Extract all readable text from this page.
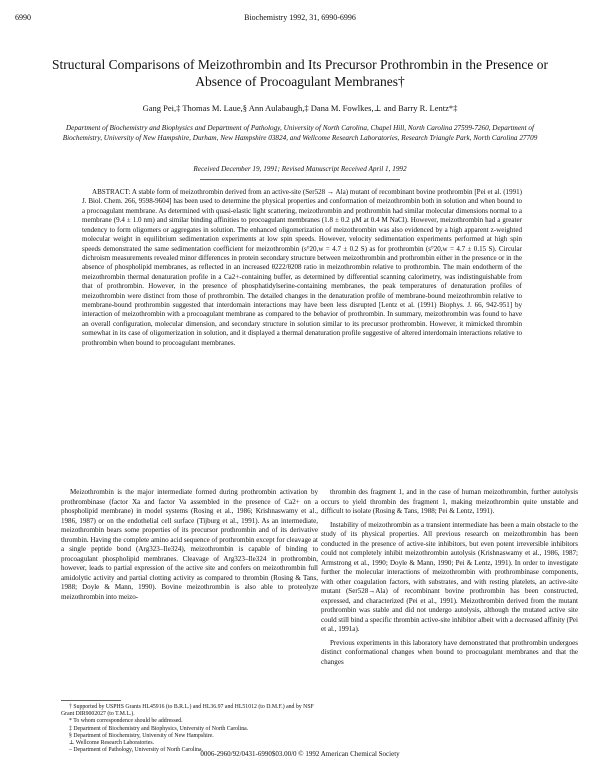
6990	Biochemistry 1992, 31, 6990-6996
Structural Comparisons of Meizothrombin and Its Precursor Prothrombin in the Presence or Absence of Procoagulant Membranes†
Gang Pei,‡ Thomas M. Laue,§ Ann Aulabaugh,‡ Dana M. Fowlkes,⊥ and Barry R. Lentz*‡
Department of Biochemistry and Biophysics and Department of Pathology, University of North Carolina, Chapel Hill, North Carolina 27599-7260, Department of Biochemistry, University of New Hampshire, Durham, New Hampshire 03824, and Wellcome Research Laboratories, Research Triangle Park, North Carolina 27709
Received December 19, 1991; Revised Manuscript Received April 1, 1992
ABSTRACT: A stable form of meizothrombin derived from an active-site (Ser528 → Ala) mutant of recombinant bovine prothrombin [Pei et al. (1991) J. Biol. Chem. 266, 9598-9604] has been used to determine the physical properties and conformation of meizothrombin both in solution and when bound to a procoagulant membrane. As determined with quasi-elastic light scattering, meizothrombin and prothrombin had similar molecular dimensions normal to a membrane (9.4 ± 1.0 nm) and similar binding affinities to procoagulant membranes (1.8 ± 0.2 μM at 0.4 M NaCl). However, meizothrombin had a greater tendency to form oligomers or aggregates in solution. The enhanced oligomerization of meizothrombin was also evidenced by a high apparent z-weighted molecular weight in equilibrium sedimentation experiments at low spin speeds. However, velocity sedimentation experiments performed at high spin speeds demonstrated the same sedimentation coefficient for meizothrombin (s°20,w = 4.7 ± 0.2 S) as for prothrombin (s°20,w = 4.7 ± 0.15 S). Circular dichroism measurements revealed minor differences in protein secondary structure between meizothrombin and prothrombin either in the presence or in the absence of phospholipid membranes, as reflected in an increased θ222/θ208 ratio in meizothrombin relative to prothrombin. The main endotherm of the meizothrombin thermal denaturation profile in a Ca2+-containing buffer, as determined by differential scanning calorimetry, was indistinguishable from that of prothrombin. However, in the presence of phosphatidylserine-containing membranes, the peak temperatures of denaturation profiles of meizothrombin were distinct from those of prothrombin. The detailed changes in the denaturation profile of membrane-bound meizothrombin relative to membrane-bound prothrombin suggested that interdomain interactions may have been less disrupted [Lentz et al. (1991) Biophys. J. 66, 942-951] by interaction of meizothrombin with a procoagulant membrane as compared to the behavior of prothrombin. In summary, meizothrombin was found to have an overall configuration, molecular dimension, and secondary structure in solution similar to its precursor prothrombin. However, it mimicked thrombin somewhat in its case of oligomerization in solution, and it displayed a thermal denaturation profile suggestive of altered interdomain interactions relative to prothrombin when bound to procoagulant membranes.

Meizothrombin is the major intermediate formed during prothrombin activation by prothrombinase (factor Xa and factor Va assembled in the presence of Ca2+ on a phospholipid membrane) in model systems (Rosing et al., 1986; Krishnaswamy et al., 1986, 1987) or on the endothelial cell surface (Tijburg et al., 1991). As an intermediate, meizothrombin bears some properties of its precursor prothrombin and of its derivative thrombin. Having the complete amino acid sequence of prothrombin except for cleavage at a single peptide bond (Arg323–Ile324), meizothrombin is capable of binding to procoagulant phospholipid membranes. Cleavage of Arg323–Ile324 in prothrombin, however, leads to partial expression of the active site and confers on meizothrombin full amidolytic activity and partial clotting activity as compared to thrombin (Rosing & Tans, 1988; Doyle & Mann, 1990). Bovine meizothrombin is also able to proteolyze meizothrombin into meizo-

thrombin des fragment 1, and in the case of human meizothrombin, further autolysis occurs to yield thrombin des fragment 1, making meizothrombin quite unstable and difficult to isolate (Rosing & Tans, 1988; Pei & Lentz, 1991).

Instability of meizothrombin as a transient intermediate has been a main obstacle to the study of its physical properties. All previous research on meizothrombin has been conducted in the presence of active-site inhibitors, but even potent irreversible inhibitors could not completely inhibit meizothrombin autolysis (Krishnaswamy et al., 1986, 1987; Armstrong et al., 1990; Doyle & Mann, 1990; Pei & Lentz, 1991). In order to investigate further the molecular interactions of meizothrombin with prothrombinase components, with other coagulation factors, with substrates, and with resting platelets, an active-site mutant (Ser528→Ala) of recombinant bovine prothrombin has been constructed, expressed, and characterized (Pei et al., 1991). Meizothrombin derived from the mutant prothrombin was stable and did not undergo autolysis, although the mutated active site could still bind a specific thrombin active-site inhibitor albeit with a decreased affinity (Pei et al., 1991a).

Previous experiments in this laboratory have demonstrated that prothrombin undergoes distinct conformational changes when bound to procoagulant membranes and that the changes

† Supported by USPHS Grants HL45916 (to B.R.L.) and HL36.97 and HL51012 (to D.M.F.) and by NSF Grant DIR9002027 (to T.M.L.).
* To whom correspondence should be addressed.
‡ Department of Biochemistry and Biophysics, University of North Carolina.
§ Department of Biochemistry, University of New Hampshire.
⊥ Wellcome Research Laboratories.
– Department of Pathology, University of North Carolina.
0006-2960/92/0431-6990$03.00/0 © 1992 American Chemical Society
